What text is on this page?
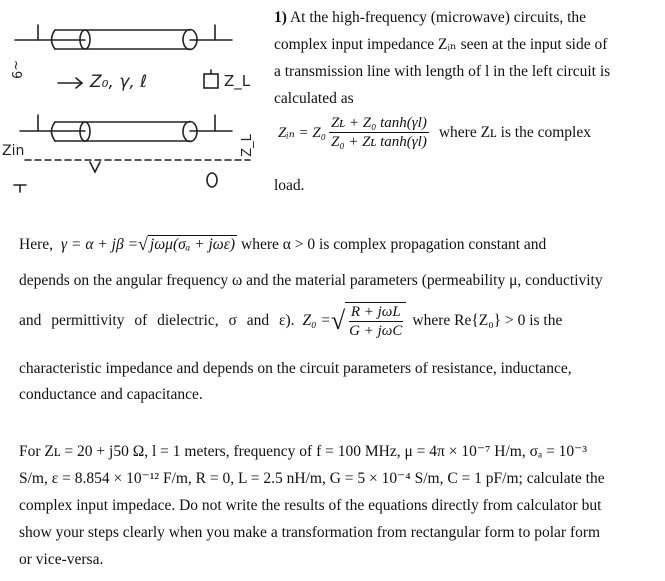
~9
Z₀, γ, ℓ	Z_L
Zin	Z_L
1) At the high-frequency (microwave) circuits, the
complex input impedance Zᵢₙ seen at the input side of
a transmission line with length of l in the left circuit is
calculated as
Zᵢₙ = $Z_0 \frac{\text{Zʟ + Z₀ tanh(γl)}}{\text{Z₀ + Zʟ tanh(γl)}}$ where Zʟ is the complex
load.
Here, γ = α + jβ = √ jωμ(σₐ + jωε) where α > 0 is complex propagation constant and
depends on the angular frequency ω and the material parameters (permeability μ, conductivity
and permittivity of dielectric, σ and ε). Z₀ = √ $\frac{\text{R + jωL}}{\text{G + jωC}}$ where Re{Z₀} > 0 is the
characteristic impedance and depends on the circuit parameters of resistance, inductance,
conductance and capacitance.
For Zʟ = 20 + j50 Ω, l = 1 meters, frequency of f = 100 MHz, μ = 4π × 10⁻⁷ H/m, σₐ = 10⁻³
S/m, ε = 8.854 × 10⁻¹² F/m, R = 0, L = 2.5 nH/m, G = 5 × 10⁻⁴ S/m, C = 1 pF/m; calculate the
complex input impedace. Do not write the results of the equations directly from calculator but
show your steps clearly when you make a transformation from rectangular form to polar form
or vice-versa.
